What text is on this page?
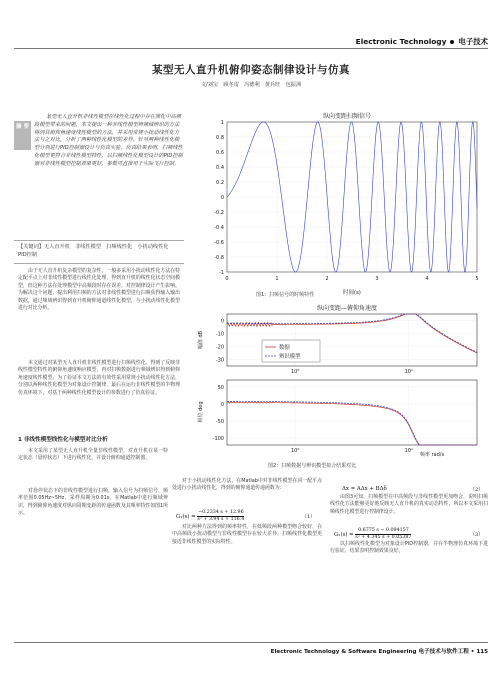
Electronic Technology 电子技术
某型无人直升机俯仰姿态制律设计与仿真
文/刘宝　顾冬雷　冯德利　黄兵旺　包振洲
摘 要
某型无人直升机非线性模型在线性化过程中存在简化中高频段模型带来的问题，本文提出一种非线性模型辨频域辨识的方法得到其俯仰角速度线性模型的方法，并采用常规小扰动线性化方法与之对比，分析了两种线性化模型的差异，针对两种线性化模型分别进行PID控制器设计与仿真实验，仿真结果表明，扫频线性化模型更符合非线性模型特性，以扫频线性化模型设计的PID控制器对非线性模型控制效果更好，参数可直接用于实际飞行控制。
【关键词】无人直升机　非线性模型　扫频线性化　小扰动线性化　PID控制
由于无人直升机复杂模型的复杂性，一般多采用小扰动线性化方法在特定配平点上对非线性模型进行线性化处理，得到直升机的线性化状态空间模型，但这种方法在处理模型中高频段时存在误差，对控制律设计产生影响。为解决这个问题，提出利用扫频的方法对非线性模型进行扫频获得输入输出数据，通过频域辨识得到直升机俯仰通道线性化模型，与小扰动线性化模型进行对比分析。
本文通过对某型无人直升机非线性模型进行扫频线性化，得到了反映非线性模型特性的俯仰角速度响应模型，再对扫频数据进行频域辨识得到俯仰角速度线性模型。为了验证本文方法的有效性采用常规小扰动线性化方法，分别以两种线性化模型为对象设计控制律，最后在运行非线性模型的半物理仿真环境下，对基于两种线性化模型设计的参数进行了仿真验证。
1 非线性模型线性化与模型对比分析
本文采用了某型无人直升机全量非线性模型，对直升机在某一特定状态（悬停状态）下进行线性化，并设计俯仰通道控制器。
对悬停状态下的非线性模型进行扫频，输入信号为扫频信号，频率范围0.05Hz~5Hz，采样周期为0.01s，在Matlab中进行频域辨识，得到俯仰角速度对纵向周期变距的传递函数及其频率特性如图1所示。
纵向变距扫频信号
1
0.8
0.6
0.4
0.2
0
-0.2
-0.4
-0.6
-0.8
-1
0	1	2	3	4	5
时间(s)
图1：扫频信号的时频特性
纵向变距—俯仰角速度
0
-10
-20
-30
50
0
-50
-100
10⁰
10⁰
10¹
10¹
数据
辨识模型
幅值 dB
相位 deg
频率 rad/s
图2：扫频数据与辨识模型拟合结果对比
对于小扰动线性化方法，在Matlab中对非线性模型在同一配平点处进行小扰动线性化，得到的俯仰通道传递函数为：
$G_1(s) = \frac{-0.2334 s + 12.96}{\text{s² + 3.94 s + 116.4}}$	（1）
对比两种方法得到的频率特性，在低频段两种模型吻合较好，在中高频段小扰动模型与非线性模型存在较大差异，扫频线性化模型更接近非线性模型的实际特性。
Δx = AΔx + BΔδ	（2）
由图3可知，扫频模型在中高频段与非线性模型更加吻合，说明扫频线性化方法能够更好地反映无人直升机的真实动态特性，所以本文采用扫频线性化模型进行控制律设计。
$G_2(s) = \frac{0.6775 s - 0.094157}{\text{s² + 4.345 s + 0.05387}}$	（3）
以扫频线性化模型为对象设计PID控制器，并在半物理仿真环境下进行验证，结果表明控制效果良好。
Electronic Technology & Software Engineering 电子技术与软件工程 • 115
